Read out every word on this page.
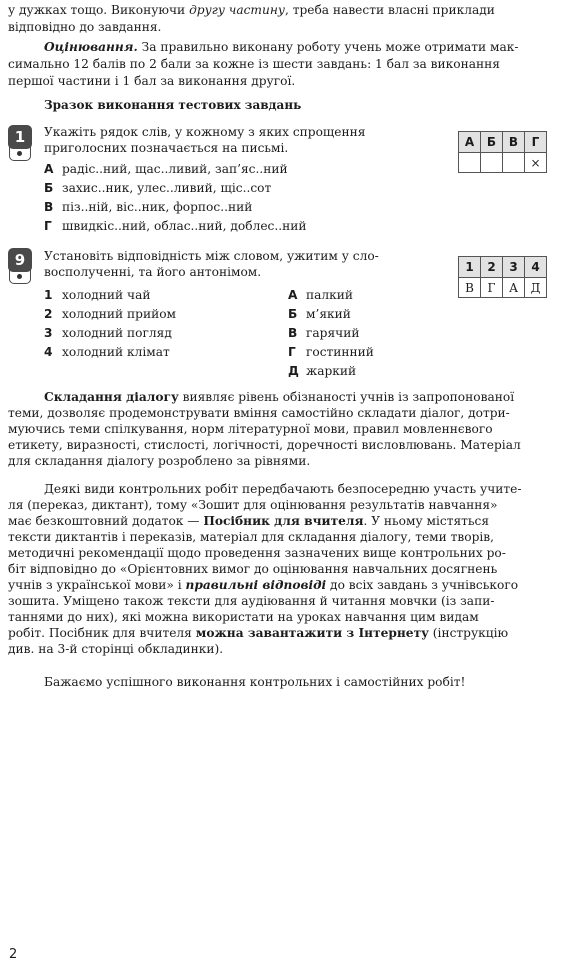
у дужках тощо. Виконуючи другу частину, треба навести власні приклади
відповідно до завдання.
Оцінювання. За правильно виконану роботу учень може отримати мак-
симально 12 балів по 2 бали за кожне із шести завдань: 1 бал за виконання
першої частини і 1 бал за виконання другої.
Зразок виконання тестових завдань
1	Укажіть рядок слів, у кожному з яких спрощення
приголосних позначається на письмі.
А радіс..ний, щас..ливий, зап’яс..ний
Б захис..ник, улес..ливий, щіс..сот
В піз..ній, віс..ник, форпос..ний
Г швидкіс..ний, облас..ний, доблес..ний
А	Б	В	Г
			×
9	Установіть відповідність між словом, ужитим у сло-
восполученні, та його антонімом.
1 холодний чай
2 холодний прийом
3 холодний погляд
4 холодний клімат
А палкий
Б м’який
В гарячий
Г гостинний
Д жаркий
1	2	3	4
В	Г	А	Д
Складання діалогу виявляє рівень обізнаності учнів із запропонованої
теми, дозволяє продемонструвати вміння самостійно складати діалог, дотри-
муючись теми спілкування, норм літературної мови, правил мовленнєвого
етикету, виразності, стислості, логічності, доречності висловлювань. Матеріал
для складання діалогу розроблено за рівнями.
Деякі види контрольних робіт передбачають безпосередню участь учите-
ля (переказ, диктант), тому «Зошит для оцінювання результатів навчання»
має безкоштовний додаток — Посібник для вчителя. У ньому містяться
тексти диктантів і переказів, матеріал для складання діалогу, теми творів,
методичні рекомендації щодо проведення зазначених вище контрольних ро-
біт відповідно до «Орієнтовних вимог до оцінювання навчальних досягнень
учнів з української мови» і правильні відповіді до всіх завдань з учнівського
зошита. Уміщено також тексти для аудіювання й читання мовчки (із запи-
таннями до них), які можна використати на уроках навчання цим видам
робіт. Посібник для вчителя можна завантажити з Інтернету (інструкцію
див. на 3-й сторінці обкладинки).
Бажаємо успішного виконання контрольних і самостійних робіт!
2
